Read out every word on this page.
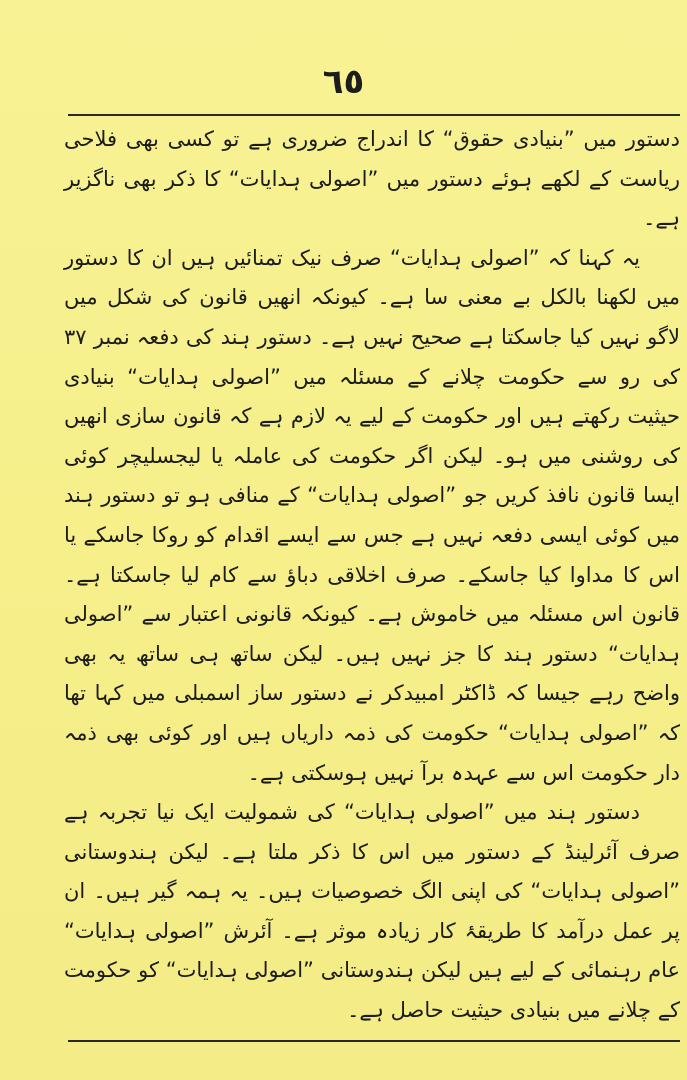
٦٥

دستور میں ”بنیادی حقوق“ کا اندراج ضروری ہے تو کسی بھی فلاحی ریاست کے لکھے ہوئے دستور میں ”اصولی ہدایات“ کا ذکر بھی ناگزیر ہے۔

یہ کہنا کہ ”اصولی ہدایات“ صرف نیک تمنائیں ہیں ان کا دستور میں لکھنا بالکل بے معنی سا ہے۔ کیونکہ انھیں قانون کی شکل میں لاگو نہیں کیا جاسکتا ہے صحیح نہیں ہے۔ دستور ہند کی دفعہ نمبر ۳۷ کی رو سے حکومت چلانے کے مسئلہ میں ”اصولی ہدایات“ بنیادی حیثیت رکھتے ہیں اور حکومت کے لیے یہ لازم ہے کہ قانون سازی انھیں کی روشنی میں ہو۔ لیکن اگر حکومت کی عاملہ یا لیجسلیچر کوئی ایسا قانون نافذ کریں جو ”اصولی ہدایات“ کے منافی ہو تو دستور ہند میں کوئی ایسی دفعہ نہیں ہے جس سے ایسے اقدام کو روکا جاسکے یا اس کا مداوا کیا جاسکے۔ صرف اخلاقی دباؤ سے کام لیا جاسکتا ہے۔ قانون اس مسئلہ میں خاموش ہے۔ کیونکہ قانونی اعتبار سے ”اصولی ہدایات“ دستور ہند کا جز نہیں ہیں۔ لیکن ساتھ ہی ساتھ یہ بھی واضح رہے جیسا کہ ڈاکٹر امبیدکر نے دستور ساز اسمبلی میں کہا تھا کہ ”اصولی ہدایات“ حکومت کی ذمہ داریاں ہیں اور کوئی بھی ذمہ دار حکومت اس سے عہدہ برآ نہیں ہوسکتی ہے۔

دستور ہند میں ”اصولی ہدایات“ کی شمولیت ایک نیا تجربہ ہے صرف آئرلینڈ کے دستور میں اس کا ذکر ملتا ہے۔ لیکن ہندوستانی ”اصولی ہدایات“ کی اپنی الگ خصوصیات ہیں۔ یہ ہمہ گیر ہیں۔ ان پر عمل درآمد کا طریقۂ کار زیادہ موثر ہے۔ آئرش ”اصولی ہدایات“ عام رہنمائی کے لیے ہیں لیکن ہندوستانی ”اصولی ہدایات“ کو حکومت کے چلانے میں بنیادی حیثیت حاصل ہے۔
